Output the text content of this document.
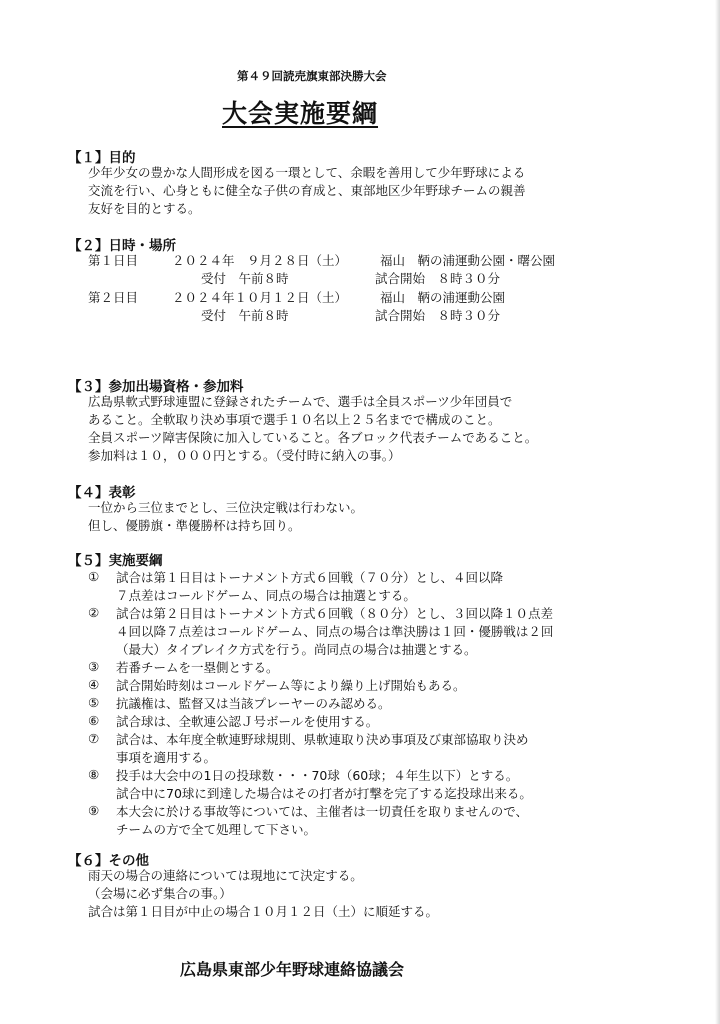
第４９回読売旗東部決勝大会
大会実施要綱
【１】目的
少年少女の豊かな人間形成を図る一環として、余暇を善用して少年野球による
交流を行い、心身ともに健全な子供の育成と、東部地区少年野球チームの親善
友好を目的とする。
【２】日時・場所
第１日目	２０２４年　９月２８日（土）	福山　鞆の浦運動公園・曙公園
受付　午前８時	試合開始　８時３０分
第２日目	２０２４年１０月１２日（土）	福山　鞆の浦運動公園
受付　午前８時	試合開始　８時３０分
【３】参加出場資格・参加料
広島県軟式野球連盟に登録されたチームで、選手は全員スポーツ少年団員で
あること。全軟取り決め事項で選手１０名以上２５名までで構成のこと。
全員スポーツ障害保険に加入していること。各ブロック代表チームであること。
参加料は１０，０００円とする。（受付時に納入の事。）
【４】表彰
一位から三位までとし、三位決定戦は行わない。
但し、優勝旗・準優勝杯は持ち回り。
【５】実施要綱
① 試合は第１日目はトーナメント方式６回戦（７０分）とし、４回以降
７点差はコールドゲーム、同点の場合は抽選とする。
② 試合は第２日目はトーナメント方式６回戦（８０分）とし、３回以降１０点差
４回以降７点差はコールドゲーム、同点の場合は準決勝は１回・優勝戦は２回
（最大）タイブレイク方式を行う。尚同点の場合は抽選とする。
③ 若番チームを一塁側とする。
④ 試合開始時刻はコールドゲーム等により繰り上げ開始もある。
⑤ 抗議権は、監督又は当該プレーヤーのみ認める。
⑥ 試合球は、全軟連公認Ｊ号ボールを使用する。
⑦ 試合は、本年度全軟連野球規則、県軟連取り決め事項及び東部協取り決め
事項を適用する。
⑧ 投手は大会中の1日の投球数・・・70球（60球；４年生以下）とする。
試合中に70球に到達した場合はその打者が打撃を完了する迄投球出来る。
⑨ 本大会に於ける事故等については、主催者は一切責任を取りませんので、
チームの方で全て処理して下さい。
【６】その他
雨天の場合の連絡については現地にて決定する。
（会場に必ず集合の事。）
試合は第１日目が中止の場合１０月１２日（土）に順延する。
広島県東部少年野球連絡協議会
